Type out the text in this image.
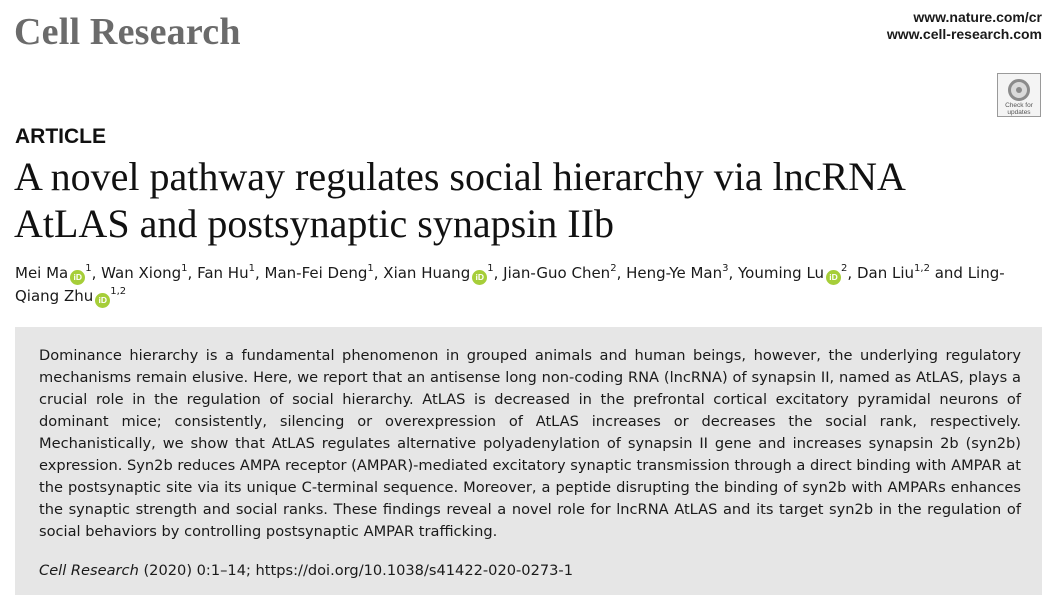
Cell Research	www.nature.com/cr
www.cell-research.com
Check for
updates
ARTICLE
A novel pathway regulates social hierarchy via lncRNA AtLAS and postsynaptic synapsin IIb
Mei Ma $iD^1$, Wan Xiong$^1$, Fan Hu$^1$, Man-Fei Deng$^1$, Xian Huang $iD^1$, Jian-Guo Chen$^2$, Heng-Ye Man$^3$, Youming Lu $iD^2$, Dan Liu$^{1,2}$ and Ling-Qiang Zhu iD$^{1,2}$

Dominance hierarchy is a fundamental phenomenon in grouped animals and human beings, however, the underlying regulatory mechanisms remain elusive. Here, we report that an antisense long non-coding RNA (lncRNA) of synapsin II, named as AtLAS, plays a crucial role in the regulation of social hierarchy. AtLAS is decreased in the prefrontal cortical excitatory pyramidal neurons of dominant mice; consistently, silencing or overexpression of AtLAS increases or decreases the social rank, respectively. Mechanistically, we show that AtLAS regulates alternative polyadenylation of synapsin II gene and increases synapsin 2b (syn2b) expression. Syn2b reduces AMPA receptor (AMPAR)-mediated excitatory synaptic transmission through a direct binding with AMPAR at the postsynaptic site via its unique C-terminal sequence. Moreover, a peptide disrupting the binding of syn2b with AMPARs enhances the synaptic strength and social ranks. These findings reveal a novel role for lncRNA AtLAS and its target syn2b in the regulation of social behaviors by controlling postsynaptic AMPAR trafficking.

Cell Research (2020) 0:1–14; https://doi.org/10.1038/s41422-020-0273-1
